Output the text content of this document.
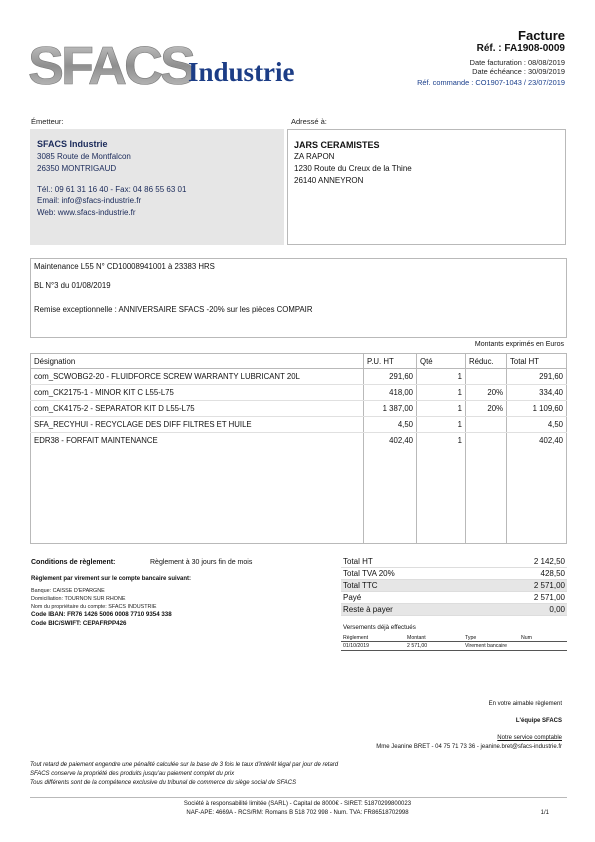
SFACS
Industrie
Facture
Réf. : FA1908-0009
Date facturation : 08/08/2019
Date échéance : 30/09/2019
Réf. commande : CO1907-1043 / 23/07/2019
Émetteur:
SFACS Industrie
3085 Route de Montfalcon
26350 MONTRIGAUD
Tél.: 09 61 31 16 40 - Fax: 04 86 55 63 01
Email: info@sfacs-industrie.fr
Web: www.sfacs-industrie.fr
Adressé à:
JARS CERAMISTES
ZA RAPON
1230 Route du Creux de la Thine
26140 ANNEYRON
Maintenance L55 N° CD10008941001 à 23383 HRS
BL N°3 du 01/08/2019
Remise exceptionnelle : ANNIVERSAIRE SFACS -20% sur les pièces COMPAIR
Montants exprimés en Euros
Désignation	P.U. HT	Qté	Réduc.	Total HT
com_SCWOBG2-20 - FLUIDFORCE SCREW WARRANTY LUBRICANT 20L	291,60	1		291,60
com_CK2175-1 - MINOR KIT C L55-L75	418,00	1	20%	334,40
com_CK4175-2 - SEPARATOR KIT D L55-L75	1 387,00	1	20%	1 109,60
SFA_RECYHUI - RECYCLAGE DES DIFF FILTRES ET HUILE	4,50	1		4,50
EDR38 - FORFAIT MAINTENANCE	402,40	1		402,40

Conditions de règlement:	Règlement à 30 jours fin de mois
Règlement par virement sur le compte bancaire suivant:
Banque: CAISSE D'EPARGNE
Domiciliation: TOURNON SUR RHONE
Nom du propriétaire du compte: SFACS INDUSTRIE
Code IBAN: FR76 1426 5006 0008 7710 9354 338
Code BIC/SWIFT: CEPAFRPP426
Total HT	2 142,50
Total TVA 20%	428,50
Total TTC	2 571,00
Payé	2 571,00
Reste à payer	0,00
Versements déjà effectués
Règlement	Montant	Type	Num
01/10/2019	2 571,00	Virement bancaire	
En votre aimable règlement
L'équipe SFACS
Notre service comptable
Mme Jeanine BRET - 04 75 71 73 36 - jeanine.bret@sfacs-industrie.fr
Tout retard de paiement engendre une pénalité calculée sur la base de 3 fois le taux d'intérêt légal par jour de retard
SFACS conserve la propriété des produits jusqu'au paiement complet du prix
Tous différents sont de la compétence exclusive du tribunal de commerce du siège social de SFACS
Société à responsabilité limitée (SARL) - Capital de 8000€ - SIRET: 51870299800023
NAF-APE: 4669A - RCS/RM: Romans B 518 702 998 - Num. TVA: FR86518702998	1/1
